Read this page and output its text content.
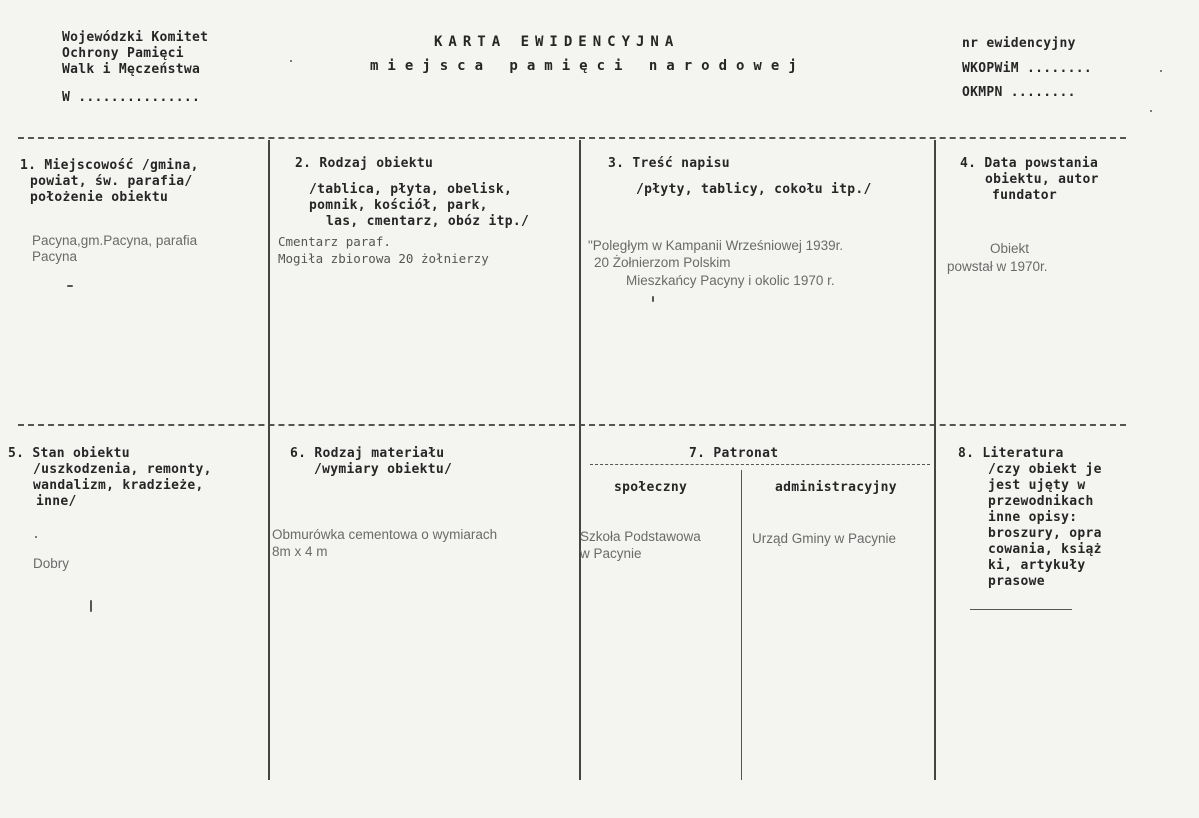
Wojewódzki Komitet
Ochrony Pamięci
Walk i Męczeństwa
W ...............
KARTA EWIDENCYJNA
miejsca pamięci narodowej
nr ewidencyjny
WKOPWiM ........
OKMPN ........
1. Miejscowość /gmina,
powiat, św. parafia/
położenie obiektu
Pacyna,gm.Pacyna, parafia
Pacyna
2. Rodzaj obiektu
/tablica, płyta, obelisk,
pomnik, kościół, park,
las, cmentarz, obóz itp./
Cmentarz paraf.
Mogiła zbiorowa 20 żołnierzy
3. Treść napisu
/płyty, tablicy, cokołu itp./
"Poległym w Kampanii Wrześniowej 1939r.
20 Żołnierzom Polskim
Mieszkańcy Pacyny i okolic 1970 r.
4. Data powstania
obiektu, autor
fundator
Obiekt
powstał w 1970r.
5. Stan obiektu
/uszkodzenia, remonty,
wandalizm, kradzieże,
inne/
Dobry
6. Rodzaj materiału
/wymiary obiektu/
Obmurówka cementowa o wymiarach
8m x 4 m
7. Patronat
społeczny	administracyjny
Szkoła Podstawowa
w Pacynie
Urząd Gminy w Pacynie
8. Literatura
/czy obiekt je
jest ujęty w
przewodnikach
inne opisy:
broszury, opra
cowania, książ
ki, artykuły
prasowe
